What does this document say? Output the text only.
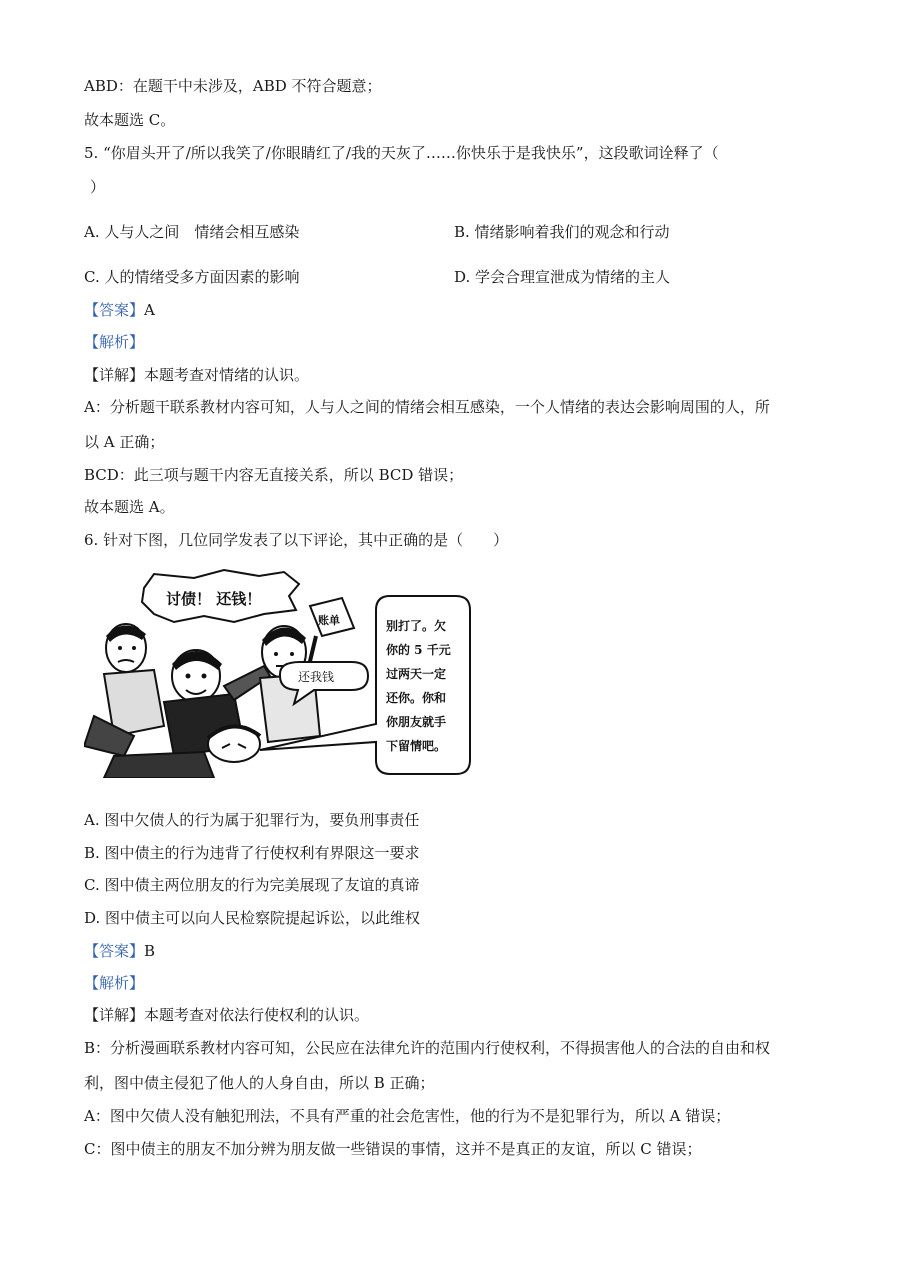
ABD：在题干中未涉及，ABD 不符合题意；
故本题选 C。
5. “你眉头开了/所以我笑了/你眼睛红了/我的天灰了……你快乐于是我快乐”，这段歌词诠释了（
）
A. 人与人之间　情绪会相互感染	B. 情绪影响着我们的观念和行动
C. 人的情绪受多方面因素的影响	D. 学会合理宣泄成为情绪的主人
【答案】A
【解析】
【详解】本题考查对情绪的认识。
A：分析题干联系教材内容可知，人与人之间的情绪会相互感染，一个人情绪的表达会影响周围的人，所
以 A 正确；
BCD：此三项与题干内容无直接关系，所以 BCD 错误；
故本题选 A。
6. 针对下图，几位同学发表了以下评论，其中正确的是（　　）
讨债！ 还钱！
账单
还我钱
别打了。欠
你的 5 千元
过两天一定
还你。你和
你朋友就手
下留情吧。
A. 图中欠债人的行为属于犯罪行为，要负刑事责任
B. 图中债主的行为违背了行使权利有界限这一要求
C. 图中债主两位朋友的行为完美展现了友谊的真谛
D. 图中债主可以向人民检察院提起诉讼，以此维权
【答案】B
【解析】
【详解】本题考查对依法行使权利的认识。
B：分析漫画联系教材内容可知，公民应在法律允许的范围内行使权利，不得损害他人的合法的自由和权
利，图中债主侵犯了他人的人身自由，所以 B 正确；
A：图中欠债人没有触犯刑法，不具有严重的社会危害性，他的行为不是犯罪行为，所以 A 错误；
C：图中债主的朋友不加分辨为朋友做一些错误的事情，这并不是真正的友谊，所以 C 错误；
